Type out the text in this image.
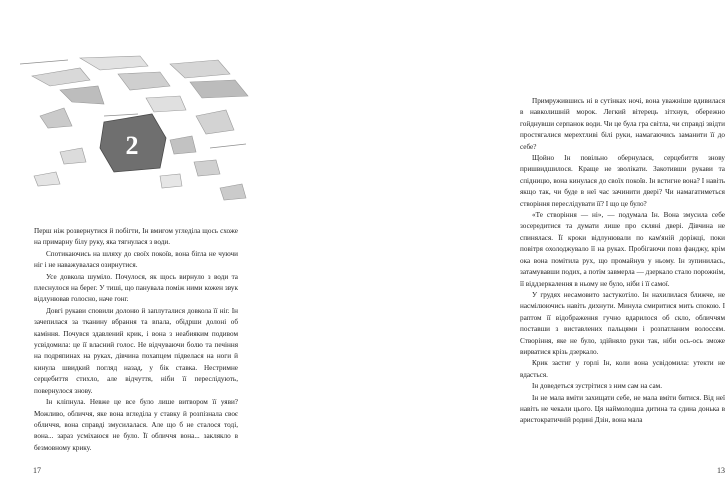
2

Перш ніж розвернутися й побігти, Ін вмигом угледіла щось схоже на примарну білу руку, яка тягнулася з води.

Спотикаючись на шляху до своїх покоїв, вона бігла не чуючи ніг і не наважувалася озирнутися.

Усе довкола шуміло. Почулося, як щось вирнуло з води та плеснулося на берег. У тиші, що панувала поміж ними кожен звук відлунював голосно, наче гонг.

Довгі рукави сповили долоню й заплуталися довкола її ніг. Ін зачепилася за тканину вбрання та впала, обідрши долоні об каміння. Почувся здавлений крик, і вона з неабияким подивом усвідомила: це її власний голос. Не відчуваючи болю та печіння на подряпинах на руках, дівчина похапцем підвелася на ноги й кинула швидкий погляд назад, у бік ставка. Нестримне серцебиття стихло, але відчуття, ніби її переслідують, повернулося знову.

Ін кліпнула. Невже це все було лише витвором її уяви? Можливо, обличчя, яке вона вгледіла у ставку й розпізнала своє обличчя, вона справді змусилалася. Але що б не сталося тоді, вона... зараз усміхаюся не було. Її обличчя вона... заклякло в безмовному крику.

17

Примружившись ні в сутінках ночі, вона уважніше вдивилася в навколишній морок. Легкий вітерець зітхнув, обережно гойднувши серпанок води. Чи це була гра світла, чи справді звідти простягалися мерехтливі білі руки, намагаючись заманити її до себе?

Щойно Ін повільно обернулася, серцебиття знову пришвидшилося. Краще не зволікати. Закотивши рукави та спідницю, вона кинулася до своїх покоїв. Ін встигне вона? І навіть якщо так, чи буде в неї час зачинити двері? Чи намагатиметься створіння переслідувати її? І що це було?

«Те створіння — ні», — подумала Ін. Вона змусила себе зосередитися та думати лише про скляні двері. Дівчина не спинялася. Її кроки відлунювали по кам'яній доріжці, поки повітря охолоджувало її на руках. Пробігаючи повз фанджу, крім ока вона помітила рух, що промайнув у ньому. Ін зупинилась, затамувавши подих, а потім завмерла — дзеркало стало порожнім, її віддзеркалення в ньому не було, ніби і її самої.

У грудях несамовито застукотіло. Ін нахилилася ближче, не насмілюючись навіть дихнути. Минула смиритися мить спокою. І раптом її відображення гучно вдарилося об скло, обличчям поставши з виставлених пальцями і розпатланим волоссям. Створіння, яке не було, здійняло руки так, ніби ось-ось зможе вирватися крізь дзеркало.

Крик застиг у горлі Ін, коли вона усвідомила: утекти не вдасться.

Ін доведеться зустрітися з ним сам на сам.

Ін не мала вміти захищати себе, не мала вміти битися. Від неї навіть не чекали цього. Ця наймолодша дитина та єдина донька в аристократичній родині Дзін, вона мала

13
